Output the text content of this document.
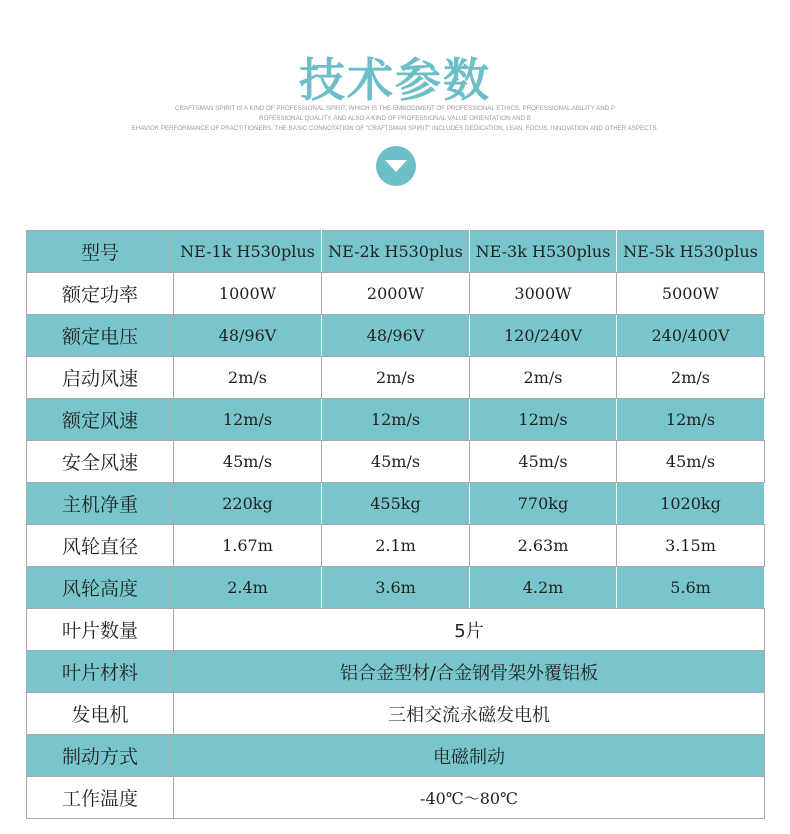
技术参数
CRAFTSMAN SPIRIT IS A KIND OF PROFESSIONAL SPIRIT, WHICH IS THE EMBODIMENT OF PROFESSIONAL ETHICS, PROFESSIONAL ABILITY AND P
ROFESSIONAL QUALITY, AND ALSO A KIND OF PROFESSIONAL VALUE ORIENTATION AND B
EHAVIOR PERFORMANCE OF PRACTITIONERS. THE BASIC CONNOTATION OF "CRAFTSMAN SPIRIT" INCLUDES DEDICATION, LEAN, FOCUS, INNOVATION AND OTHER ASPECTS.
型号	NE-1k H530plus	NE-2k H530plus	NE-3k H530plus	NE-5k H530plus
额定功率	1000W	2000W	3000W	5000W
额定电压	48/96V	48/96V	120/240V	240/400V
启动风速	2m/s	2m/s	2m/s	2m/s
额定风速	12m/s	12m/s	12m/s	12m/s
安全风速	45m/s	45m/s	45m/s	45m/s
主机净重	220kg	455kg	770kg	1020kg
风轮直径	1.67m	2.1m	2.63m	3.15m
风轮高度	2.4m	3.6m	4.2m	5.6m
叶片数量	5片			
叶片材料	铝合金型材/合金钢骨架外覆铝板			
发电机	三相交流永磁发电机			
制动方式	电磁制动			
工作温度	-40℃～80℃			
